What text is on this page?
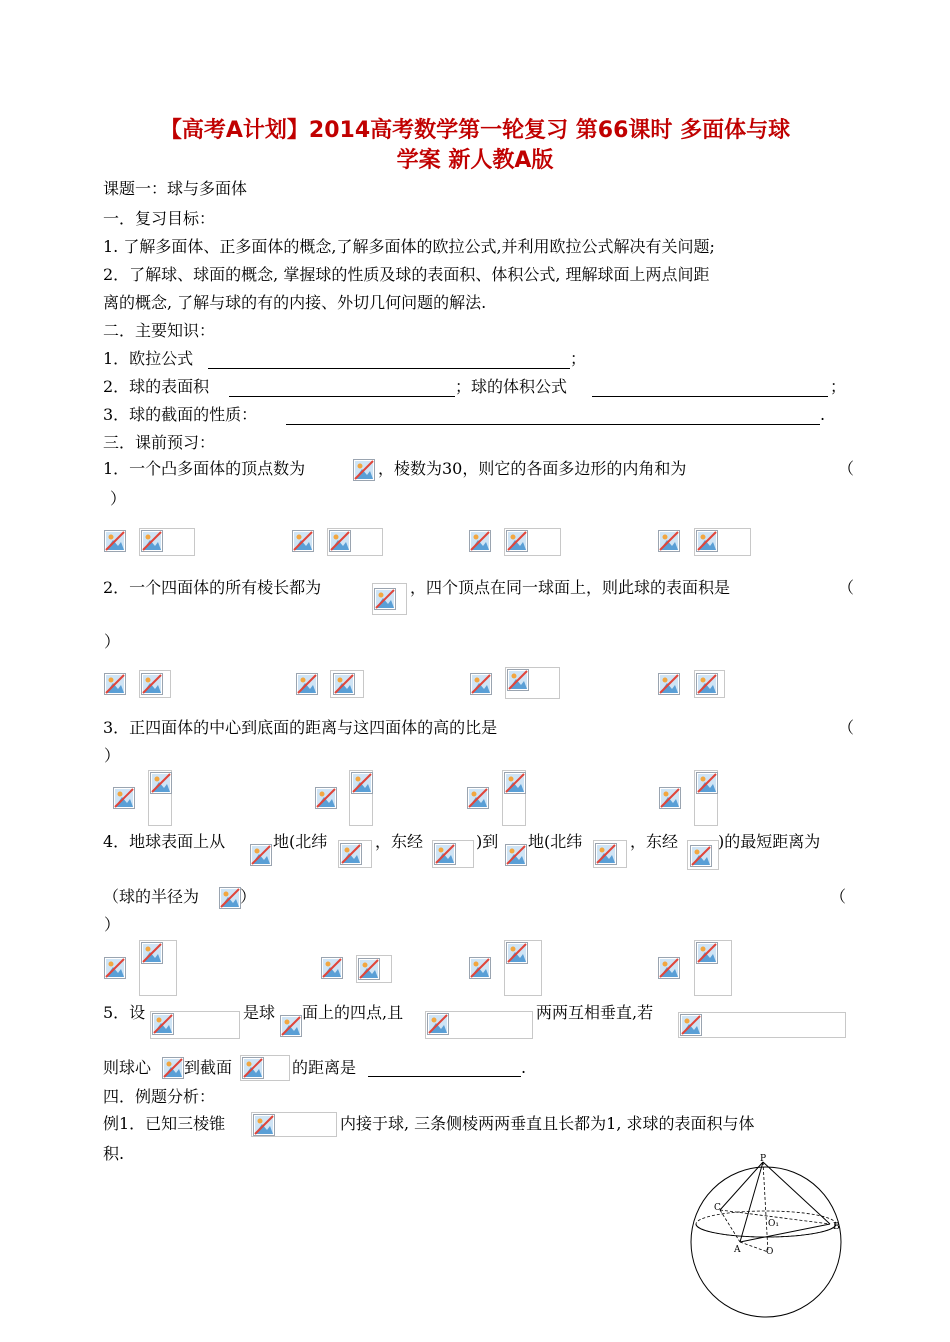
【高考A计划】2014高考数学第一轮复习 第66课时 多面体与球
学案 新人教A版
课题一：球与多面体
一．复习目标：
1. 了解多面体、正多面体的概念,了解多面体的欧拉公式,并利用欧拉公式解决有关问题;
2．了解球、球面的概念, 掌握球的性质及球的表面积、体积公式, 理解球面上两点间距
离的概念, 了解与球的有的内接、外切几何问题的解法.
二．主要知识：
1．欧拉公式	；
2．球的表面积	；球的体积公式	；
3．球的截面的性质：	.
三．课前预习：
1．一个凸多面体的顶点数为	，棱数为30，则它的各面多边形的内角和为	（
）
2．一个四面体的所有棱长都为	，四个顶点在同一球面上，则此球的表面积是	（
）
3．正四面体的中心到底面的距离与这四面体的高的比是	（
）
4．地球表面上从	地(北纬	，东经	)到 地(北纬	，东经 )的最短距离为
（球的半径为	）	（
）
5．设	是球 面上的四点,且	两两互相垂直,若
则球心 到截面	的距离是	.
四．例题分析：
例1．已知三棱锥	内接于球, 三条侧棱两两垂直且长都为1, 求球的表面积与体
积.	P
C
O₁	B
A	O
